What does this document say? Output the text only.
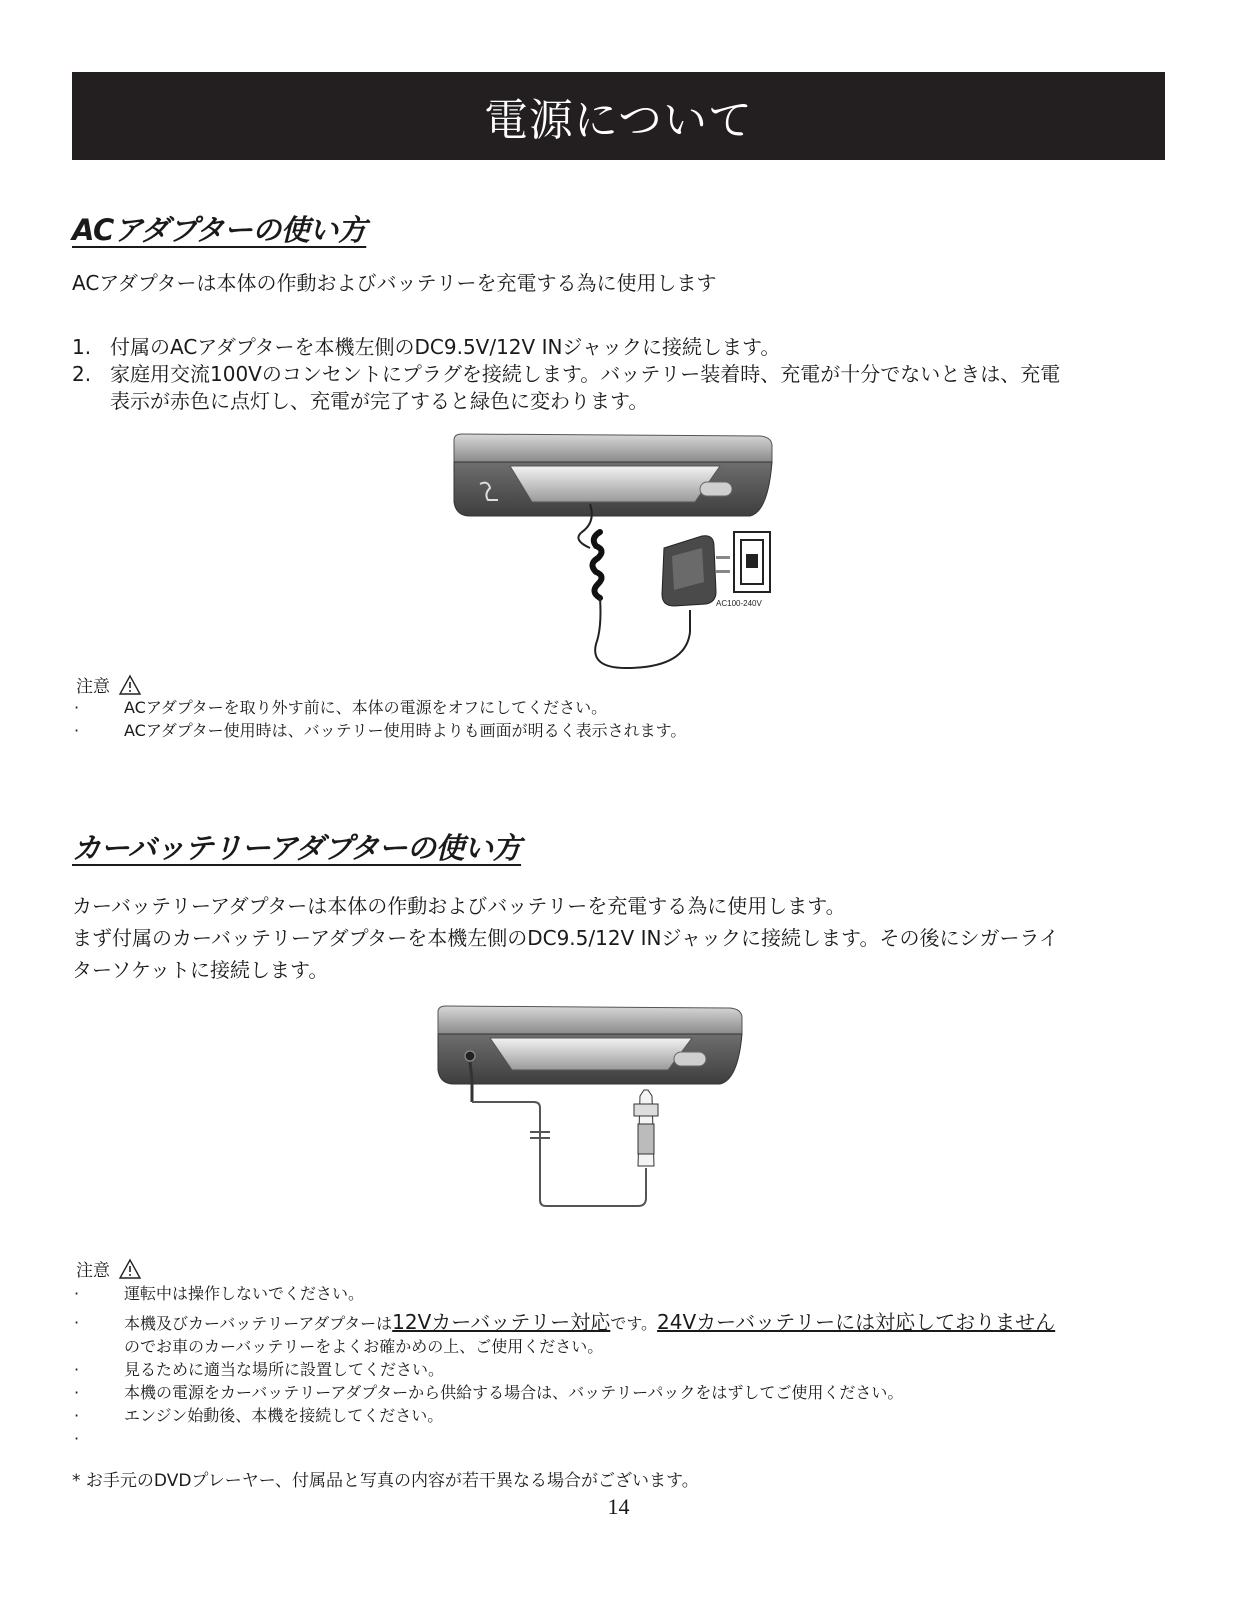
電源について
ACアダプターの使い方
ACアダプターは本体の作動およびバッテリーを充電する為に使用します
1. 付属のACアダプターを本機左側のDC9.5V/12V INジャックに接続します。
2. 家庭用交流100Vのコンセントにプラグを接続します。バッテリー装着時、充電が十分でないときは、充電
表示が赤色に点灯し、充電が完了すると緑色に変わります。
AC100-240V
注意
·	ACアダプターを取り外す前に、本体の電源をオフにしてください。
·	ACアダプター使用時は、バッテリー使用時よりも画面が明るく表示されます。
カーバッテリーアダプターの使い方
カーバッテリーアダプターは本体の作動およびバッテリーを充電する為に使用します。
まず付属のカーバッテリーアダプターを本機左側のDC9.5/12V INジャックに接続します。その後にシガーライ
ターソケットに接続します。
注意
·	運転中は操作しないでください。
·	本機及びカーバッテリーアダプターは12Vカーバッテリー対応です。24Vカーバッテリーには対応しておりません
のでお車のカーバッテリーをよくお確かめの上、ご使用ください。
·	見るために適当な場所に設置してください。
·	本機の電源をカーバッテリーアダプターから供給する場合は、バッテリーパックをはずしてご使用ください。
·	エンジン始動後、本機を接続してください。
·
* お手元のDVDプレーヤー、付属品と写真の内容が若干異なる場合がございます。
14
